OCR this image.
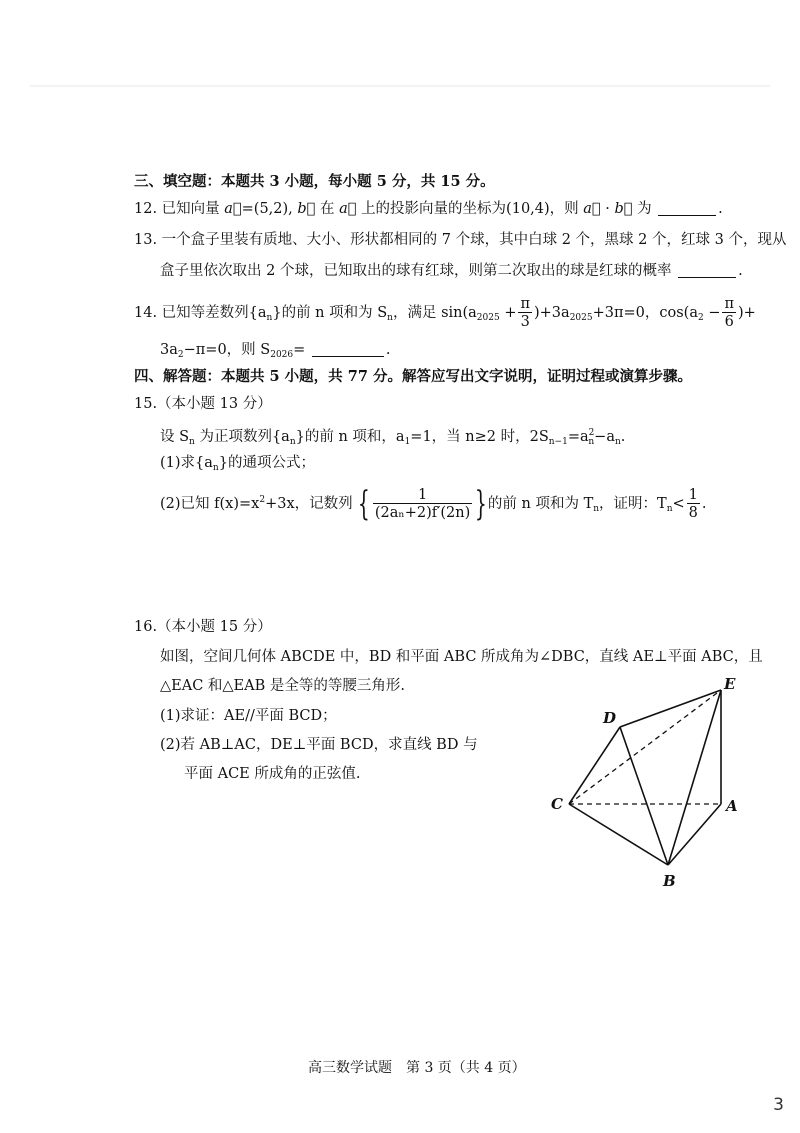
三、填空题：本题共 3 小题，每小题 5 分，共 15 分。
12. 已知向量 a⃗=(5,2), b⃗ 在 a⃗ 上的投影向量的坐标为(10,4)，则 a⃗ · b⃗ 为	.
13. 一个盒子里装有质地、大小、形状都相同的 7 个球，其中白球 2 个，黑球 2 个，红球 3 个，现从
盒子里依次取出 2 个球，已知取出的球有红球，则第二次取出的球是红球的概率	.
14. 已知等差数列$\{a_n\}$的前 n 项和为 $S_n$，满足 $\sin(a_{2025} + \frac{\pi}{3} )+3a_{2025}+3\pi=0$，$\cos(a_2 - \frac{\pi}{6}$ )+
$3a_2-\pi=0$，则 $S_{2026}=$	.
四、解答题：本题共 5 小题，共 77 分。解答应写出文字说明，证明过程或演算步骤。
15.（本小题 13 分）
设 $S_n$ 为正项数列$\{a_n\}$的前 n 项和，$a_1=1$，当 n≥2 时，$2S_{n-1}=a^2_n-a_n$.
(1)求$\{a_n\}$的通项公式；
(2)已知 $f(x)=x^2+3x$，记数列 { $\frac{1}{\text{(2aₙ+2)f′(2n)}}$ }的前 n 项和为 $T_n$，证明：$T_n< \frac{1}{8}$ .
16.（本小题 15 分）
如图，空间几何体 ABCDE 中，BD 和平面 ABC 所成角为∠DBC，直线 AE⊥平面 ABC，且
△EAC 和△EAB 是全等的等腰三角形.
(1)求证：AE//平面 BCD；
(2)若 AB⊥AC，DE⊥平面 BCD，求直线 BD 与
平面 ACE 所成角的正弦值.
D
E
C	A
B
高三数学试题　第 3 页（共 4 页）
3
